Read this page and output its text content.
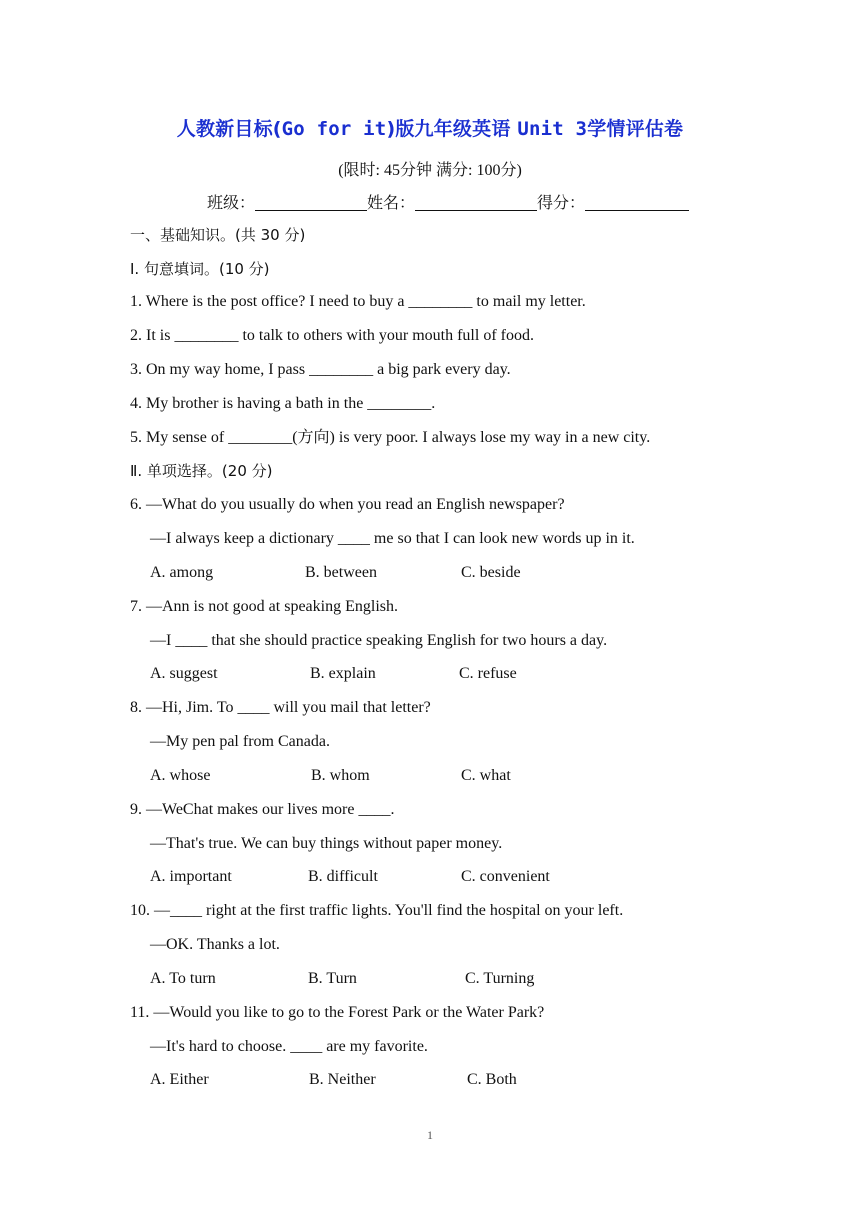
人教新目标(Go for it)版九年级英语 Unit 3学情评估卷
(限时: 45分钟 满分: 100分)
班级：	姓名：	得分：
一、基础知识。(共 30 分)
I. 句意填词。(10 分)
1. Where is the post office? I need to buy a ________ to mail my letter.
2. It is ________ to talk to others with your mouth full of food.
3. On my way home, I pass ________ a big park every day.
4. My brother is having a bath in the ________.
5. My sense of ________(方向) is very poor. I always lose my way in a new city.
Ⅱ. 单项选择。(20 分)
6. —What do you usually do when you read an English newspaper?
—I always keep a dictionary ____ me so that I can look new words up in it.
A. among	B. between	C. beside
7. —Ann is not good at speaking English.
—I ____ that she should practice speaking English for two hours a day.
A. suggest	B. explain	C. refuse
8. —Hi, Jim. To ____ will you mail that letter?
—My pen pal from Canada.
A. whose	B. whom	C. what
9. —WeChat makes our lives more ____.
—That's true. We can buy things without paper money.
A. important	B. difficult	C. convenient
10. —____ right at the first traffic lights. You'll find the hospital on your left.
—OK. Thanks a lot.
A. To turn	B. Turn	C. Turning
11. —Would you like to go to the Forest Park or the Water Park?
—It's hard to choose. ____ are my favorite.
A. Either	B. Neither	C. Both
1
